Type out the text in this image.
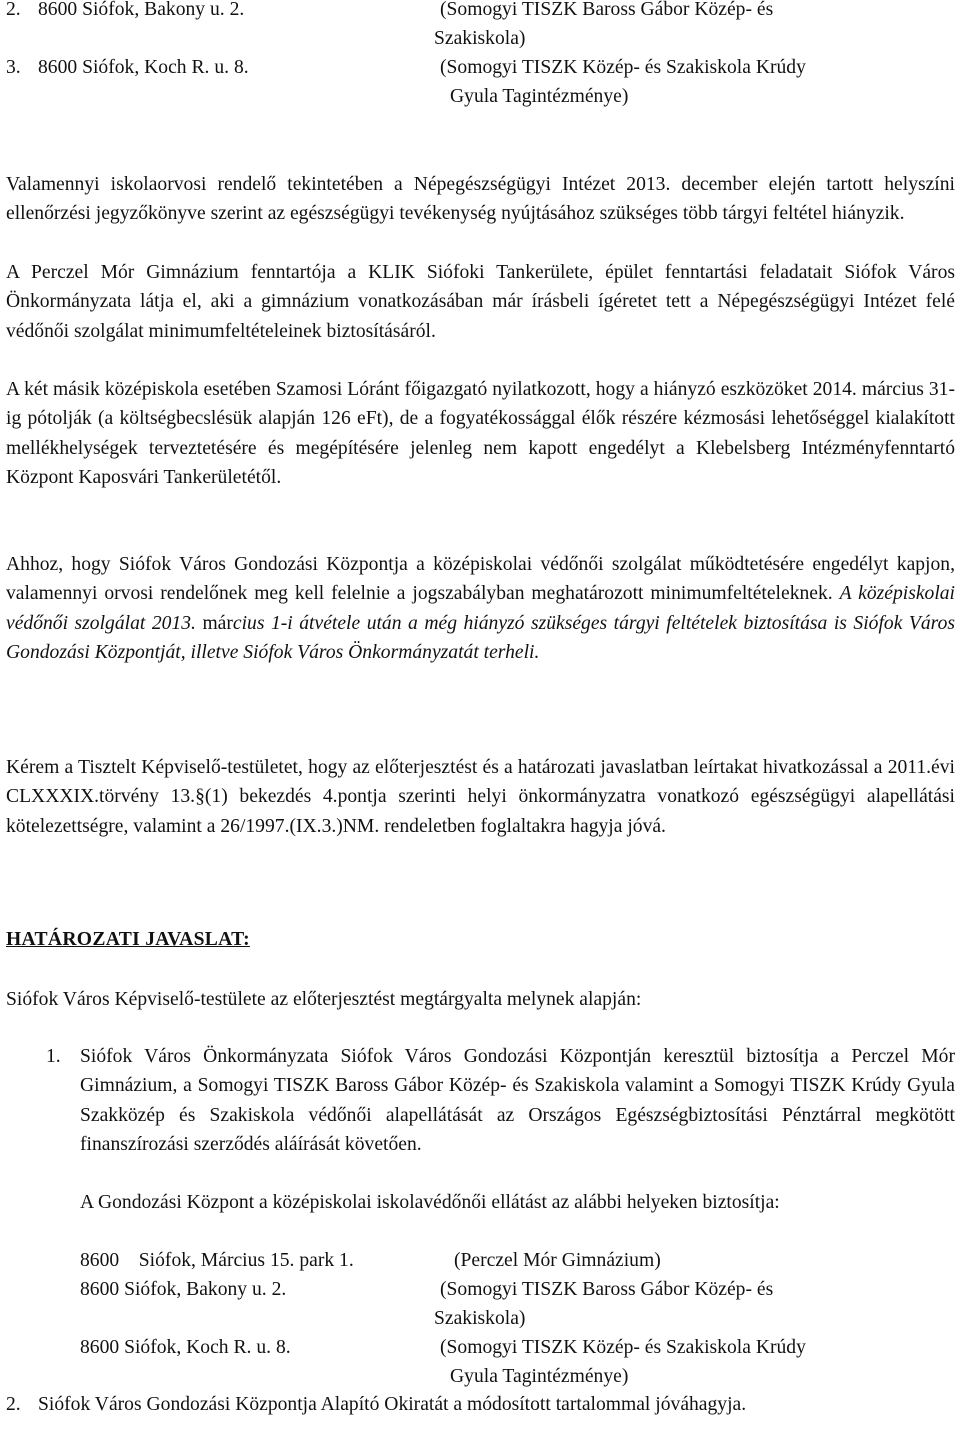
2. 8600 Siófok, Bakony u. 2.	(Somogyi TISZK Baross Gábor Közép- és
Szakiskola)
3. 8600 Siófok, Koch R. u. 8.	(Somogyi TISZK Közép- és Szakiskola Krúdy
Gyula Tagintézménye)

Valamennyi iskolaorvosi rendelő tekintetében a Népegészségügyi Intézet 2013. december elején tartott helyszíni ellenőrzési jegyzőkönyve szerint az egészségügyi tevékenység nyújtásához szükséges több tárgyi feltétel hiányzik.

A Perczel Mór Gimnázium fenntartója a KLIK Siófoki Tankerülete, épület fenntartási feladatait Siófok Város Önkormányzata látja el, aki a gimnázium vonatkozásában már írásbeli ígéretet tett a Népegészségügyi Intézet felé védőnői szolgálat minimumfeltételeinek biztosításáról.

A két másik középiskola esetében Szamosi Lóránt főigazgató nyilatkozott, hogy a hiányzó eszközöket 2014. március 31-ig pótolják (a költségbecslésük alapján 126 eFt), de a fogyatékossággal élők részére kézmosási lehetőséggel kialakított mellékhelységek terveztetésére és megépítésére jelenleg nem kapott engedélyt a Klebelsberg Intézményfenntartó Központ Kaposvári Tankerületétől.

Ahhoz, hogy Siófok Város Gondozási Központja a középiskolai védőnői szolgálat működtetésére engedélyt kapjon, valamennyi orvosi rendelőnek meg kell felelnie a jogszabályban meghatározott minimumfeltételeknek. A középiskolai védőnői szolgálat 2013. március 1-i átvétele után a még hiányzó szükséges tárgyi feltételek biztosítása is Siófok Város Gondozási Központját, illetve Siófok Város Önkormányzatát terheli.

Kérem a Tisztelt Képviselő-testületet, hogy az előterjesztést és a határozati javaslatban leírtakat hivatkozással a 2011.évi CLXXXIX.törvény 13.§(1) bekezdés 4.pontja szerinti helyi önkormányzatra vonatkozó egészségügyi alapellátási kötelezettségre, valamint a 26/1997.(IX.3.)NM. rendeletben foglaltakra hagyja jóvá.

HATÁROZATI JAVASLAT:

Siófok Város Képviselő-testülete az előterjesztést megtárgyalta melynek alapján:

1. Siófok Város Önkormányzata Siófok Város Gondozási Központján keresztül biztosítja a Perczel Mór Gimnázium, a Somogyi TISZK Baross Gábor Közép- és Szakiskola valamint a Somogyi TISZK Krúdy Gyula Szakközép és Szakiskola védőnői alapellátását az Országos Egészségbiztosítási Pénztárral megkötött finanszírozási szerződés aláírását követően.

A Gondozási Központ a középiskolai iskolavédőnői ellátást az alábbi helyeken biztosítja:

8600    Siófok, Március 15. park 1.	(Perczel Mór Gimnázium)
8600 Siófok, Bakony u. 2.	(Somogyi TISZK Baross Gábor Közép- és
Szakiskola)
8600 Siófok, Koch R. u. 8.	(Somogyi TISZK Közép- és Szakiskola Krúdy
Gyula Tagintézménye)
2. Siófok Város Gondozási Központja Alapító Okiratát a módosított tartalommal jóváhagyja.
